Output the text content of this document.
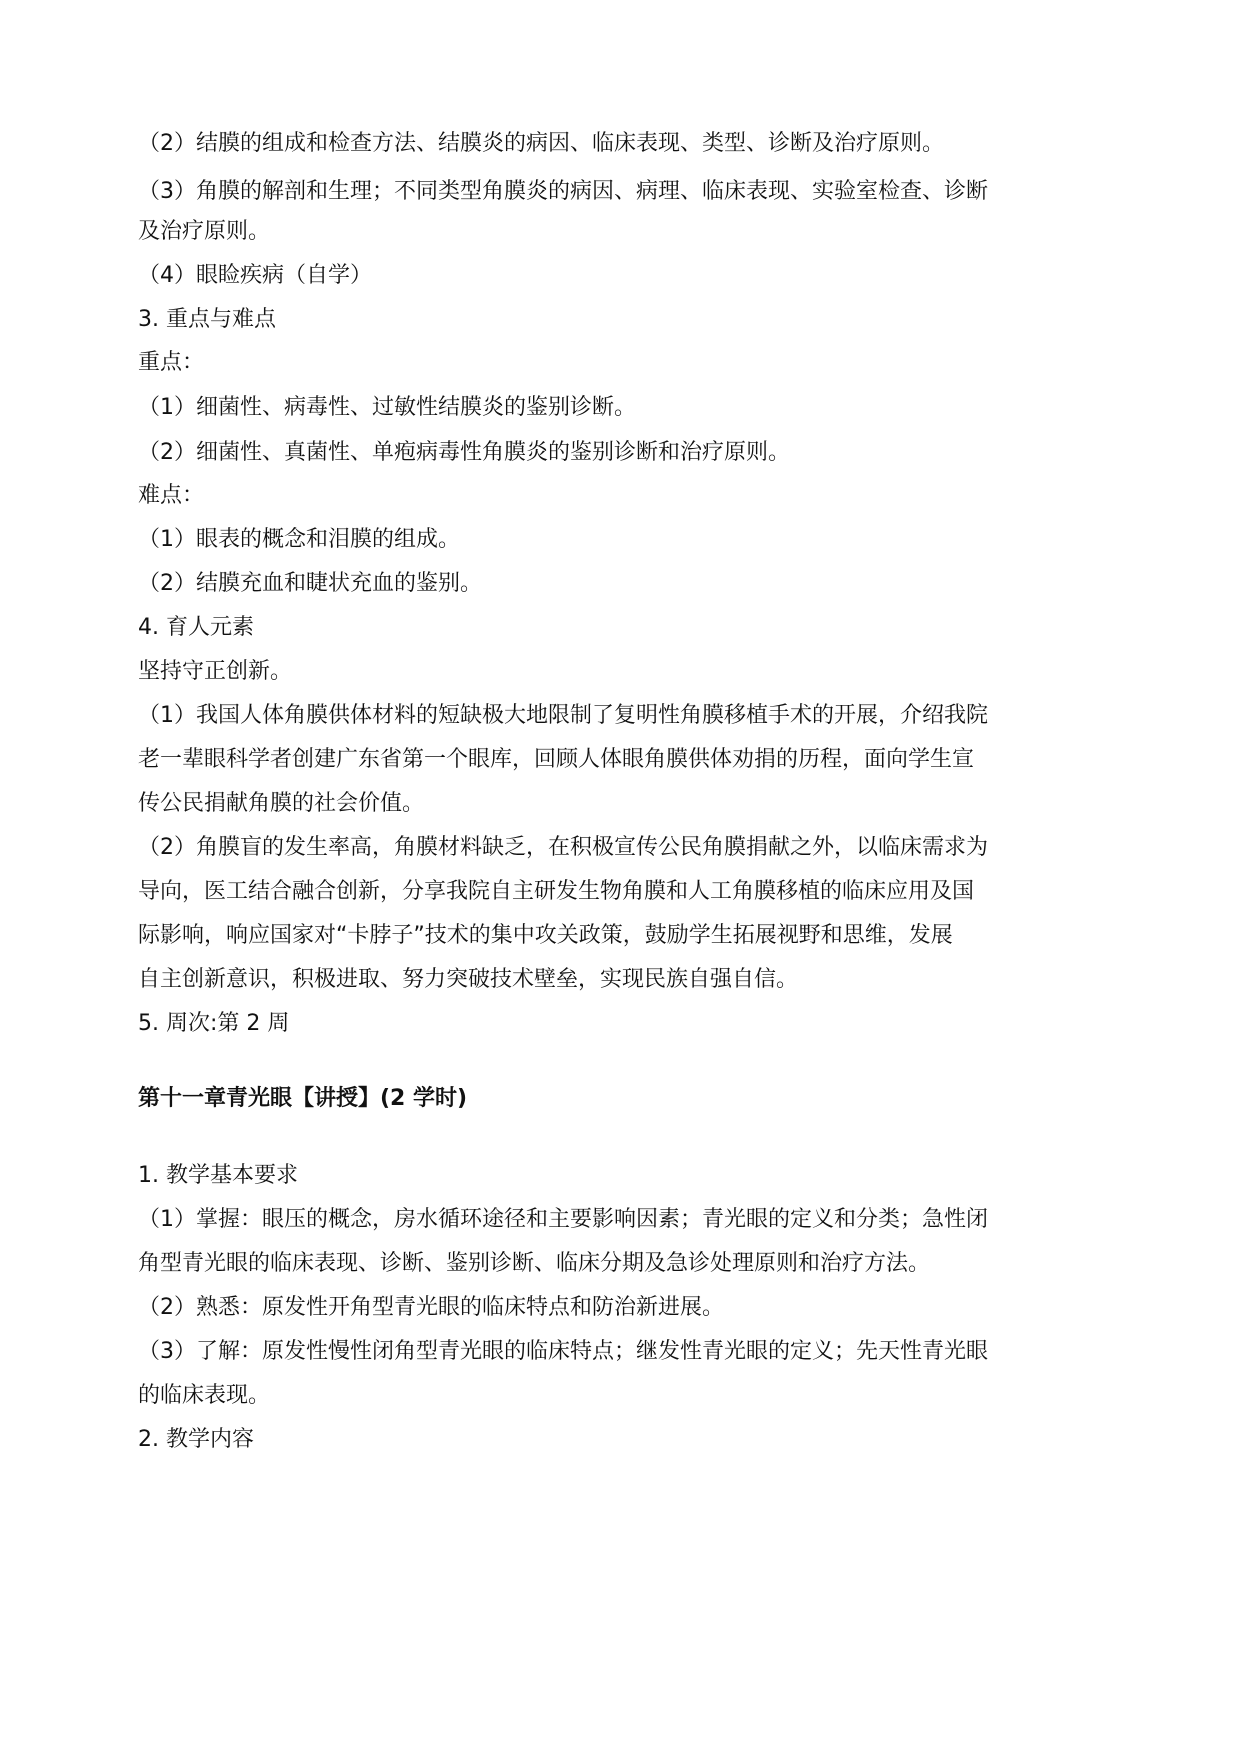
（2）结膜的组成和检查方法、结膜炎的病因、临床表现、类型、诊断及治疗原则。
（3）角膜的解剖和生理；不同类型角膜炎的病因、病理、临床表现、实验室检查、诊断
及治疗原则。
（4）眼睑疾病（自学）
3. 重点与难点
重点：
（1）细菌性、病毒性、过敏性结膜炎的鉴别诊断。
（2）细菌性、真菌性、单疱病毒性角膜炎的鉴别诊断和治疗原则。
难点：
（1）眼表的概念和泪膜的组成。
（2）结膜充血和睫状充血的鉴别。
4. 育人元素
坚持守正创新。
（1）我国人体角膜供体材料的短缺极大地限制了复明性角膜移植手术的开展，介绍我院
老一辈眼科学者创建广东省第一个眼库，回顾人体眼角膜供体劝捐的历程，面向学生宣
传公民捐献角膜的社会价值。
（2）角膜盲的发生率高，角膜材料缺乏，在积极宣传公民角膜捐献之外，以临床需求为
导向，医工结合融合创新，分享我院自主研发生物角膜和人工角膜移植的临床应用及国
际影响，响应国家对“卡脖子”技术的集中攻关政策，鼓励学生拓展视野和思维，发展
自主创新意识，积极进取、努力突破技术壁垒，实现民族自强自信。
5. 周次:第 2 周
第十一章青光眼【讲授】(2 学时)
1. 教学基本要求
（1）掌握：眼压的概念，房水循环途径和主要影响因素；青光眼的定义和分类；急性闭
角型青光眼的临床表现、诊断、鉴别诊断、临床分期及急诊处理原则和治疗方法。
（2）熟悉：原发性开角型青光眼的临床特点和防治新进展。
（3）了解：原发性慢性闭角型青光眼的临床特点；继发性青光眼的定义；先天性青光眼
的临床表现。
2. 教学内容
